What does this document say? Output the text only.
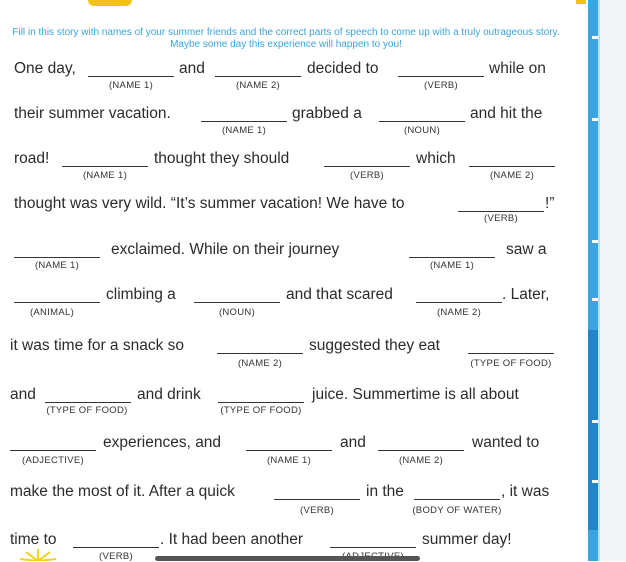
Fill in this story with names of your summer friends and the correct parts of speech to come up with a truly outrageous story. Maybe some day this experience will happen to you!
One day,	and	decided to	while on
(NAME 1)	(NAME 2)	(VERB)
their summer vacation.	grabbed a	and hit the
(NAME 1)	(NOUN)
road!	thought they should	which
(NAME 1)	(VERB)	(NAME 2)
thought was very wild. “It’s summer vacation! We have to	!”
(VERB)
exclaimed. While on their journey	saw a
(NAME 1)	(NAME 1)
climbing a	and that scared	. Later,
(ANIMAL)	(NOUN)	(NAME 2)
it was time for a snack so	suggested they eat
(NAME 2)	(TYPE OF FOOD)
and	and drink	juice. Summertime is all about
(TYPE OF FOOD)	(TYPE OF FOOD)
experiences, and	and	wanted to
(ADJECTIVE)	(NAME 1)	(NAME 2)
make the most of it. After a quick	in the	, it was
(VERB)	(BODY OF WATER)
time to	. It had been another	summer day!
(VERB)
